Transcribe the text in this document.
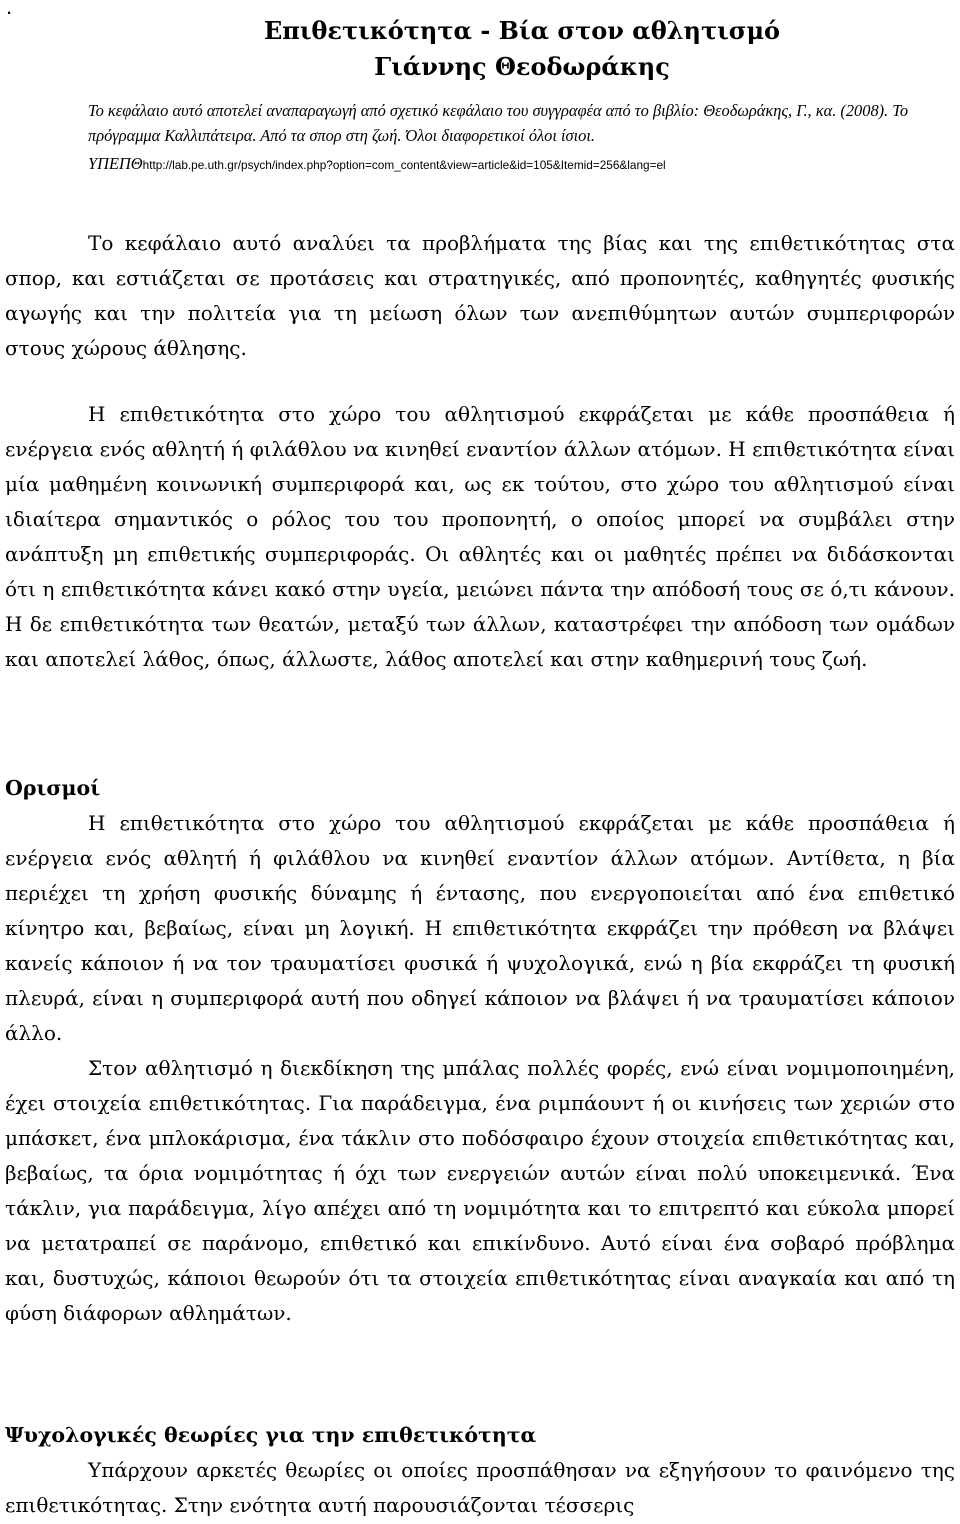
.
Επιθετικότητα - Βία στον αθλητισμό
Γιάννης Θεοδωράκης
Το κεφάλαιο αυτό αποτελεί αναπαραγωγή από σχετικό κεφάλαιο του συγγραφέα από το βιβλίο: Θεοδωράκης, Γ., κα. (2008). Το πρόγραμμα Καλλιπάτειρα. Από τα σπορ στη ζωή. Όλοι διαφορετικοί όλοι ίσιοι.
ΥΠΕΠΘhttp://lab.pe.uth.gr/psych/index.php?option=com_content&view=article&id=105&Itemid=256&lang=el

Το κεφάλαιο αυτό αναλύει τα προβλήματα της βίας και της επιθετικότητας στα σπορ, και εστιάζεται σε προτάσεις και στρατηγικές, από προπονητές, καθηγητές φυσικής αγωγής και την πολιτεία για τη μείωση όλων των ανεπιθύμητων αυτών συμπεριφορών στους χώρους άθλησης.

Η επιθετικότητα στο χώρο του αθλητισμού εκφράζεται με κάθε προσπάθεια ή ενέργεια ενός αθλητή ή φιλάθλου να κινηθεί εναντίον άλλων ατόμων. Η επιθετικότητα είναι μία μαθημένη κοινωνική συμπεριφορά και, ως εκ τούτου, στο χώρο του αθλητισμού είναι ιδιαίτερα σημαντικός ο ρόλος του του προπονητή, ο οποίος μπορεί να συμβάλει στην ανάπτυξη μη επιθετικής συμπεριφοράς. Οι αθλητές και οι μαθητές πρέπει να διδάσκονται ότι η επιθετικότητα κάνει κακό στην υγεία, μειώνει πάντα την απόδοσή τους σε ό,τι κάνουν. Η δε επιθετικότητα των θεατών, μεταξύ των άλλων, καταστρέφει την απόδοση των ομάδων και αποτελεί λάθος, όπως, άλλωστε, λάθος αποτελεί και στην καθημερινή τους ζωή.

Ορισμοί

Η επιθετικότητα στο χώρο του αθλητισμού εκφράζεται με κάθε προσπάθεια ή ενέργεια ενός αθλητή ή φιλάθλου να κινηθεί εναντίον άλλων ατόμων. Αντίθετα, η βία περιέχει τη χρήση φυσικής δύναμης ή έντασης, που ενεργοποιείται από ένα επιθετικό κίνητρο και, βεβαίως, είναι μη λογική. Η επιθετικότητα εκφράζει την πρόθεση να βλάψει κανείς κάποιον ή να τον τραυματίσει φυσικά ή ψυχολογικά, ενώ η βία εκφράζει τη φυσική πλευρά, είναι η συμπεριφορά αυτή που οδηγεί κάποιον να βλάψει ή να τραυματίσει κάποιον άλλο.

Στον αθλητισμό η διεκδίκηση της μπάλας πολλές φορές, ενώ είναι νομιμοποιημένη, έχει στοιχεία επιθετικότητας. Για παράδειγμα, ένα ριμπάουντ ή οι κινήσεις των χεριών στο μπάσκετ, ένα μπλοκάρισμα, ένα τάκλιν στο ποδόσφαιρο έχουν στοιχεία επιθετικότητας και, βεβαίως, τα όρια νομιμότητας ή όχι των ενεργειών αυτών είναι πολύ υποκειμενικά. Ένα τάκλιν, για παράδειγμα, λίγο απέχει από τη νομιμότητα και το επιτρεπτό και εύκολα μπορεί να μετατραπεί σε παράνομο, επιθετικό και επικίνδυνο. Αυτό είναι ένα σοβαρό πρόβλημα και, δυστυχώς, κάποιοι θεωρούν ότι τα στοιχεία επιθετικότητας είναι αναγκαία και από τη φύση διάφορων αθλημάτων.

Ψυχολογικές θεωρίες για την επιθετικότητα

Υπάρχουν αρκετές θεωρίες οι οποίες προσπάθησαν να εξηγήσουν το φαινόμενο της επιθετικότητας. Στην ενότητα αυτή παρουσιάζονται τέσσερις
